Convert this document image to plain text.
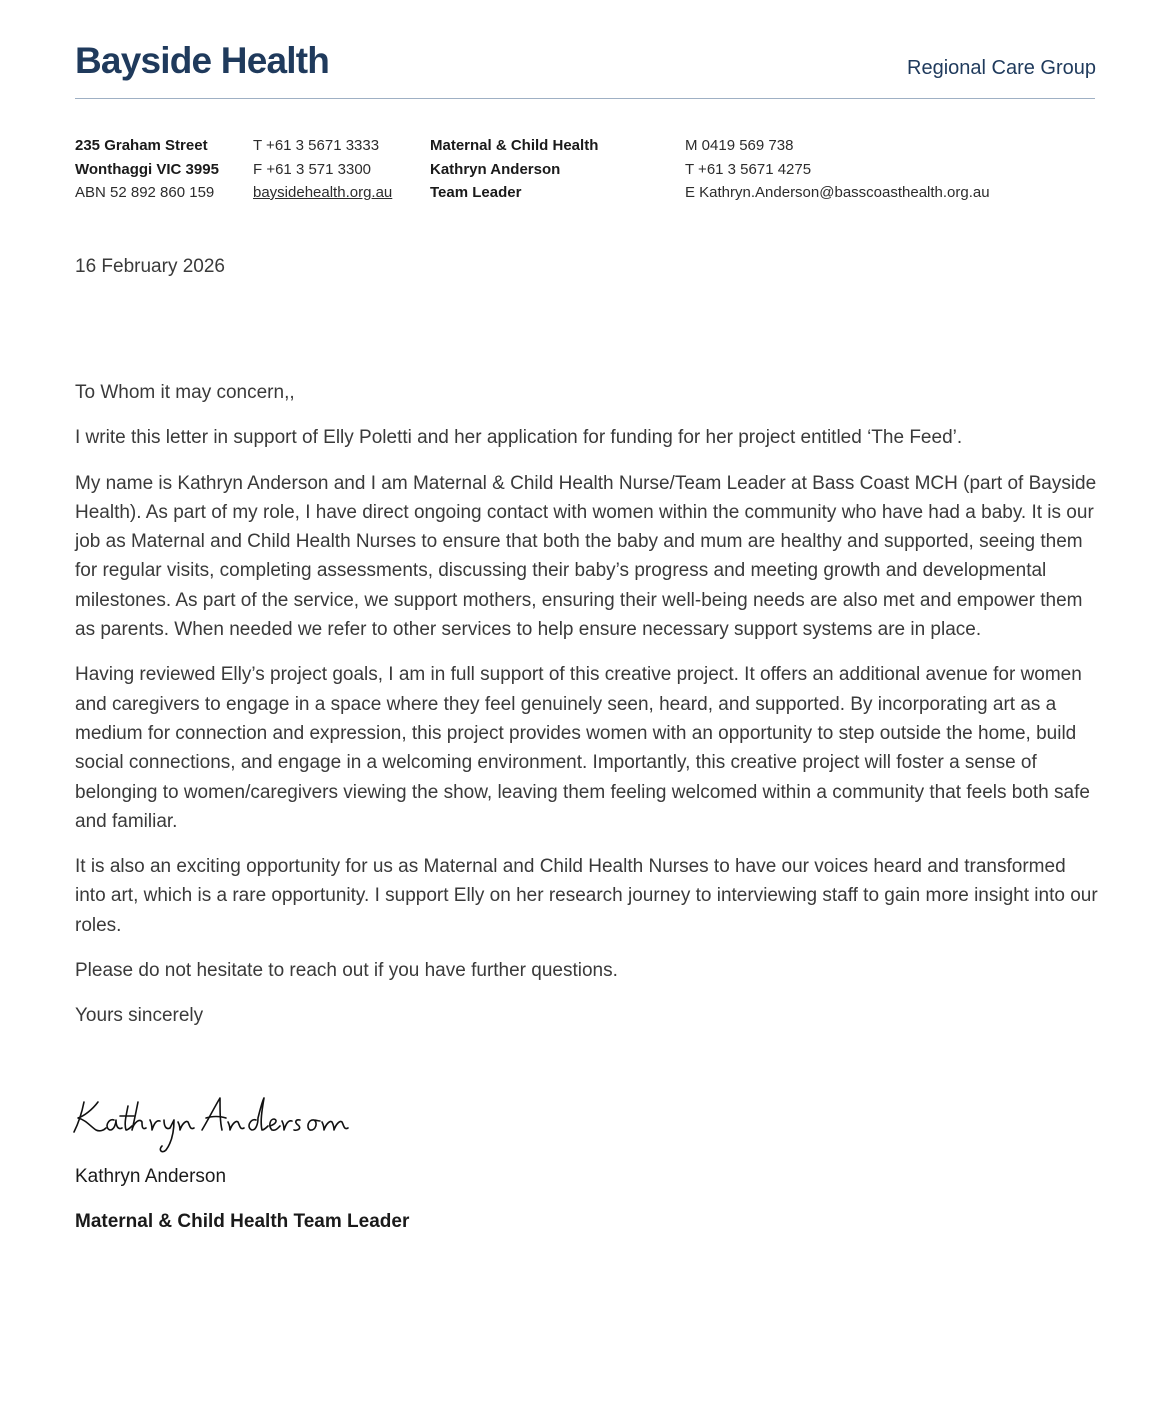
Bayside Health	Regional Care Group
235 Graham Street
Wonthaggi VIC 3995
ABN 52 892 860 159
T +61 3 5671 3333
F +61 3 571 3300
baysidehealth.org.au
Maternal & Child Health
Kathryn Anderson
Team Leader
M 0419 569 738
T +61 3 5671 4275
E Kathryn.Anderson@basscoasthealth.org.au
16 February 2026

To Whom it may concern,,

I write this letter in support of Elly Poletti and her application for funding for her project entitled ‘The Feed’.

My name is Kathryn Anderson and I am Maternal & Child Health Nurse/Team Leader at Bass Coast MCH (part of Bayside Health). As part of my role, I have direct ongoing contact with women within the community who have had a baby. It is our job as Maternal and Child Health Nurses to ensure that both the baby and mum are healthy and supported, seeing them for regular visits, completing assessments, discussing their baby’s progress and meeting growth and developmental milestones. As part of the service, we support mothers, ensuring their well-being needs are also met and empower them as parents. When needed we refer to other services to help ensure necessary support systems are in place.

Having reviewed Elly’s project goals, I am in full support of this creative project. It offers an additional avenue for women and caregivers to engage in a space where they feel genuinely seen, heard, and supported. By incorporating art as a medium for connection and expression, this project provides women with an opportunity to step outside the home, build social connections, and engage in a welcoming environment. Importantly, this creative project will foster a sense of belonging to women/caregivers viewing the show, leaving them feeling welcomed within a community that feels both safe and familiar.

It is also an exciting opportunity for us as Maternal and Child Health Nurses to have our voices heard and transformed into art, which is a rare opportunity. I support Elly on her research journey to interviewing staff to gain more insight into our roles.

Please do not hesitate to reach out if you have further questions.

Yours sincerely

Kathryn Anderson
Maternal & Child Health Team Leader
